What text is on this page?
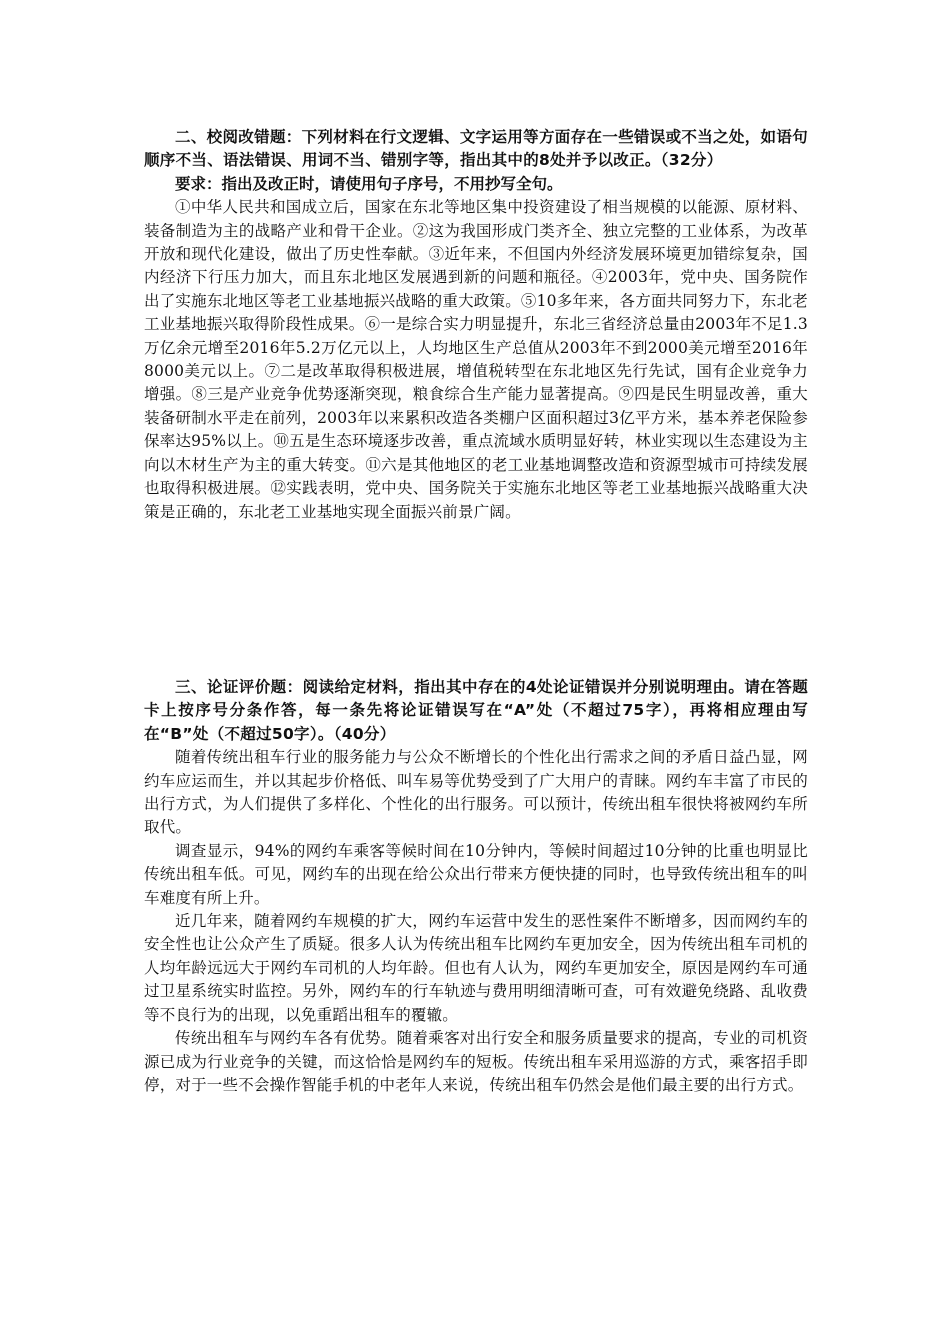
二、校阅改错题：下列材料在行文逻辑、文字运用等方面存在一些错误或不当之处，如语句顺序不当、语法错误、用词不当、错别字等，指出其中的8处并予以改正。（32分）

要求：指出及改正时，请使用句子序号，不用抄写全句。

①中华人民共和国成立后，国家在东北等地区集中投资建设了相当规模的以能源、原材料、装备制造为主的战略产业和骨干企业。②这为我国形成门类齐全、独立完整的工业体系，为改革开放和现代化建设，做出了历史性奉献。③近年来，不但国内外经济发展环境更加错综复杂，国内经济下行压力加大，而且东北地区发展遇到新的问题和瓶径。④2003年，党中央、国务院作出了实施东北地区等老工业基地振兴战略的重大政策。⑤10多年来，各方面共同努力下，东北老工业基地振兴取得阶段性成果。⑥一是综合实力明显提升，东北三省经济总量由2003年不足1.3万亿余元增至2016年5.2万亿元以上，人均地区生产总值从2003年不到2000美元增至2016年8000美元以上。⑦二是改革取得积极进展，增值税转型在东北地区先行先试，国有企业竞争力增强。⑧三是产业竞争优势逐渐突现，粮食综合生产能力显著提高。⑨四是民生明显改善，重大装备研制水平走在前列，2003年以来累积改造各类棚户区面积超过3亿平方米，基本养老保险参保率达95%以上。⑩五是生态环境逐步改善，重点流域水质明显好转，林业实现以生态建设为主向以木材生产为主的重大转变。⑪六是其他地区的老工业基地调整改造和资源型城市可持续发展也取得积极进展。⑫实践表明，党中央、国务院关于实施东北地区等老工业基地振兴战略重大决策是正确的，东北老工业基地实现全面振兴前景广阔。

三、论证评价题：阅读给定材料，指出其中存在的4处论证错误并分别说明理由。请在答题卡上按序号分条作答，每一条先将论证错误写在“A”处（不超过75字），再将相应理由写在“B”处（不超过50字）。（40分）

随着传统出租车行业的服务能力与公众不断增长的个性化出行需求之间的矛盾日益凸显，网约车应运而生，并以其起步价格低、叫车易等优势受到了广大用户的青睐。网约车丰富了市民的出行方式，为人们提供了多样化、个性化的出行服务。可以预计，传统出租车很快将被网约车所取代。

调查显示，94%的网约车乘客等候时间在10分钟内，等候时间超过10分钟的比重也明显比传统出租车低。可见，网约车的出现在给公众出行带来方便快捷的同时，也导致传统出租车的叫车难度有所上升。

近几年来，随着网约车规模的扩大，网约车运营中发生的恶性案件不断增多，因而网约车的安全性也让公众产生了质疑。很多人认为传统出租车比网约车更加安全，因为传统出租车司机的人均年龄远远大于网约车司机的人均年龄。但也有人认为，网约车更加安全，原因是网约车可通过卫星系统实时监控。另外，网约车的行车轨迹与费用明细清晰可查，可有效避免绕路、乱收费等不良行为的出现，以免重蹈出租车的覆辙。

传统出租车与网约车各有优势。随着乘客对出行安全和服务质量要求的提高，专业的司机资源已成为行业竞争的关键，而这恰恰是网约车的短板。传统出租车采用巡游的方式，乘客招手即停，对于一些不会操作智能手机的中老年人来说，传统出租车仍然会是他们最主要的出行方式。
